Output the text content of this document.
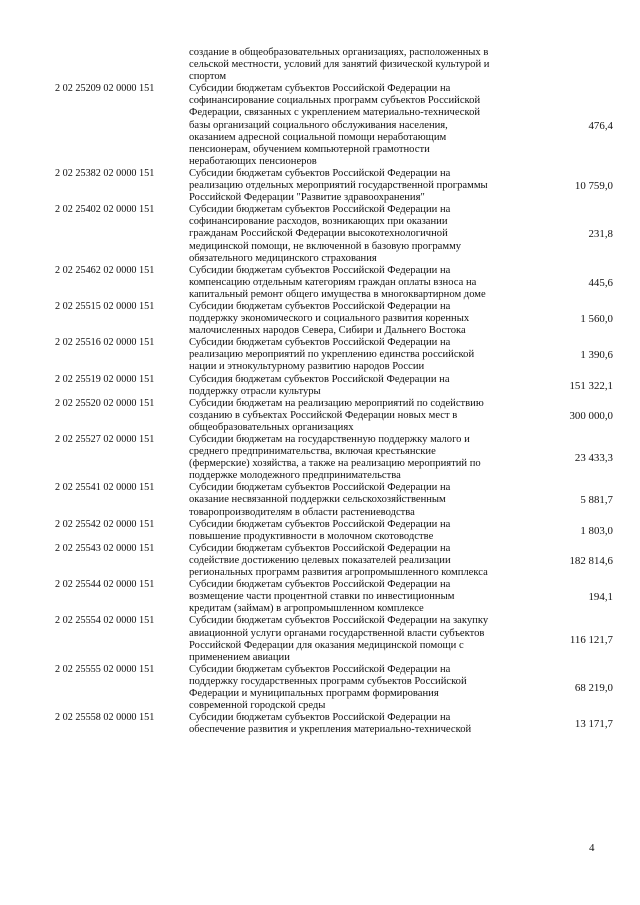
создание в общеобразовательных организациях, расположенных в
сельской местности, условий для занятий физической культурой и
спортом
2 02 25209 02 0000 151	Субсидии бюджетам субъектов Российской Федерации на
софинансирование социальных программ субъектов Российской
Федерации, связанных с укреплением материально-технической
базы организаций социального обслуживания населения,
оказанием адресной социальной помощи неработающим
пенсионерам, обучением компьютерной грамотности
неработающих пенсионеров
476,4
2 02 25382 02 0000 151	Субсидии бюджетам субъектов Российской Федерации на
реализацию отдельных мероприятий государственной программы
Российской Федерации "Развитие здравоохранения"
10 759,0
2 02 25402 02 0000 151	Субсидии бюджетам субъектов Российской Федерации на
софинансирование расходов, возникающих при оказании
гражданам Российской Федерации высокотехнологичной
медицинской помощи, не включенной в базовую программу
обязательного медицинского страхования
231,8
2 02 25462 02 0000 151	Субсидии бюджетам субъектов Российской Федерации на
компенсацию отдельным категориям граждан оплаты взноса на
капитальный ремонт общего имущества в многоквартирном доме
445,6
2 02 25515 02 0000 151	Субсидии бюджетам субъектов Российской Федерации на
поддержку экономического и социального развития коренных
малочисленных народов Севера, Сибири и Дальнего Востока
1 560,0
2 02 25516 02 0000 151	Субсидии бюджетам субъектов Российской Федерации на
реализацию мероприятий по укреплению единства российской
нации и этнокультурному развитию народов России
1 390,6
2 02 25519 02 0000 151	Субсидия бюджетам субъектов Российской Федерации на
поддержку отрасли культуры	151 322,1
2 02 25520 02 0000 151	Субсидии бюджетам на реализацию мероприятий по содействию
созданию в субъектах Российской Федерации новых мест в
общеобразовательных организациях
300 000,0
2 02 25527 02 0000 151	Субсидии бюджетам на государственную поддержку малого и
среднего предпринимательства, включая крестьянские
(фермерские) хозяйства, а также на реализацию мероприятий по
поддержке молодежного предпринимательства
23 433,3
2 02 25541 02 0000 151	Субсидии бюджетам субъектов Российской Федерации на
оказание несвязанной поддержки сельскохозяйственным
товаропроизводителям в области растениеводства
5 881,7
2 02 25542 02 0000 151	Субсидии бюджетам субъектов Российской Федерации на
повышение продуктивности в молочном скотоводстве	1 803,0
2 02 25543 02 0000 151	Субсидии бюджетам субъектов Российской Федерации на
содействие достижению целевых показателей реализации
региональных программ развития агропромышленного комплекса
182 814,6
2 02 25544 02 0000 151	Субсидии бюджетам субъектов Российской Федерации на
возмещение части процентной ставки по инвестиционным
кредитам (займам) в агропромышленном комплексе
194,1
2 02 25554 02 0000 151	Субсидии бюджетам субъектов Российской Федерации на закупку
авиационной услуги органами государственной власти субъектов
Российской Федерации для оказания медицинской помощи с
применением авиации
116 121,7
2 02 25555 02 0000 151	Субсидии бюджетам субъектов Российской Федерации на
поддержку государственных программ субъектов Российской
Федерации и муниципальных программ формирования
современной городской среды
68 219,0
2 02 25558 02 0000 151	Субсидии бюджетам субъектов Российской Федерации на
обеспечение развития и укрепления материально-технической	13 171,7
4
